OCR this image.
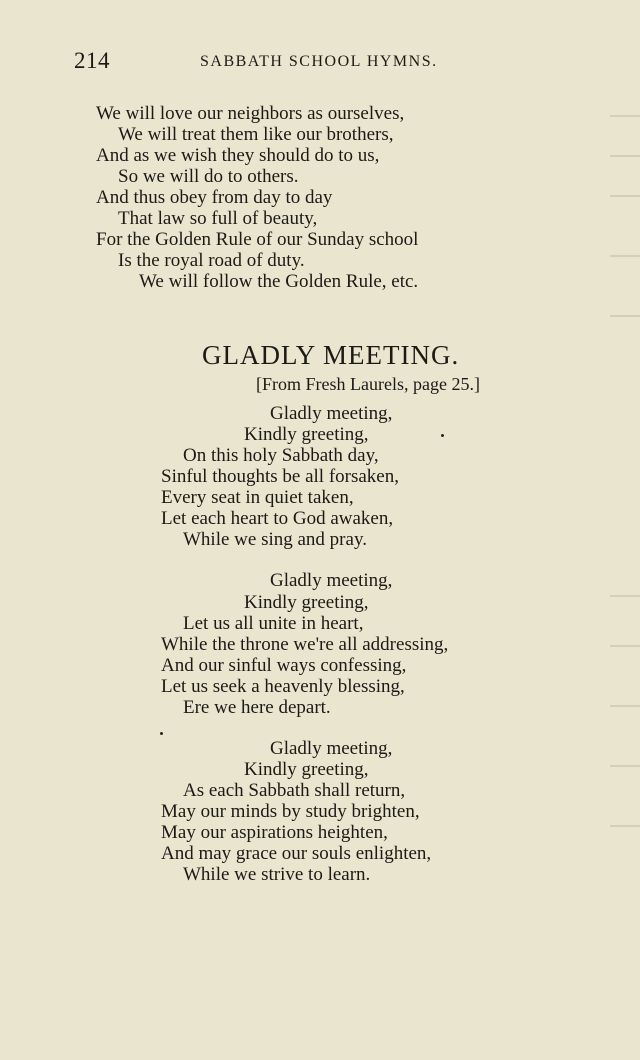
214	SABBATH SCHOOL HYMNS.
We will love our neighbors as ourselves,
We will treat them like our brothers,
And as we wish they should do to us,
So we will do to others.
And thus obey from day to day
That law so full of beauty,
For the Golden Rule of our Sunday school
Is the royal road of duty.
We will follow the Golden Rule, etc.
GLADLY MEETING.
[From Fresh Laurels, page 25.]
Gladly meeting,
Kindly greeting,
On this holy Sabbath day,
Sinful thoughts be all forsaken,
Every seat in quiet taken,
Let each heart to God awaken,
While we sing and pray.
Gladly meeting,
Kindly greeting,
Let us all unite in heart,
While the throne we're all addressing,
And our sinful ways confessing,
Let us seek a heavenly blessing,
Ere we here depart.
Gladly meeting,
Kindly greeting,
As each Sabbath shall return,
May our minds by study brighten,
May our aspirations heighten,
And may grace our souls enlighten,
While we strive to learn.
